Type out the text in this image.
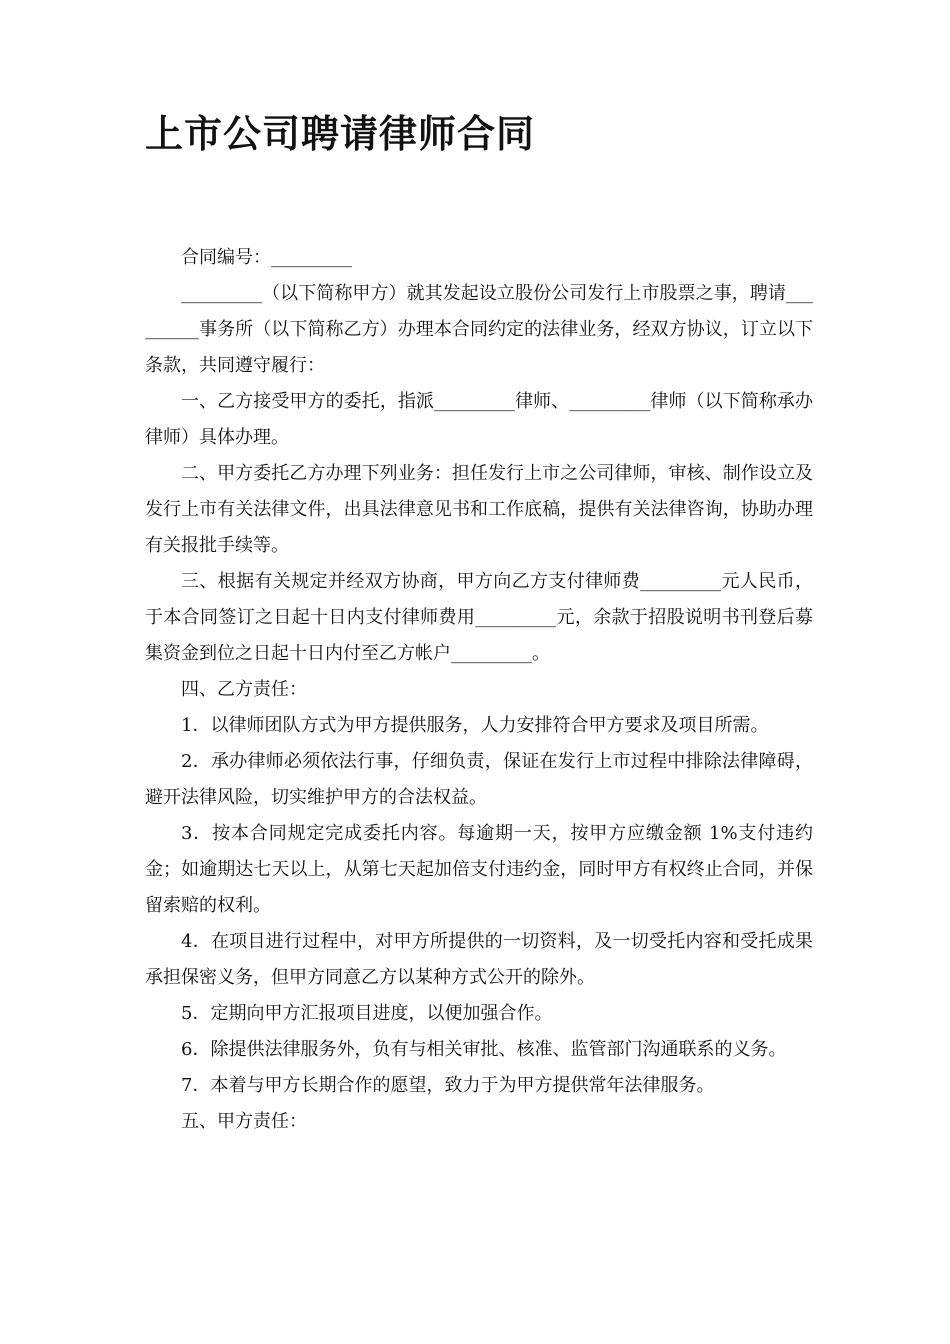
上市公司聘请律师合同

合同编号：_________

_________（以下简称甲方）就其发起设立股份公司发行上市股票之事，聘请_________事务所（以下简称乙方）办理本合同约定的法律业务，经双方协议，订立以下条款，共同遵守履行：

一、乙方接受甲方的委托，指派_________律师、_________律师（以下简称承办律师）具体办理。

二、甲方委托乙方办理下列业务：担任发行上市之公司律师，审核、制作设立及发行上市有关法律文件，出具法律意见书和工作底稿，提供有关法律咨询，协助办理有关报批手续等。

三、根据有关规定并经双方协商，甲方向乙方支付律师费_________元人民币，于本合同签订之日起十日内支付律师费用_________元，余款于招股说明书刊登后募集资金到位之日起十日内付至乙方帐户_________。

四、乙方责任：

1．以律师团队方式为甲方提供服务，人力安排符合甲方要求及项目所需。

2．承办律师必须依法行事，仔细负责，保证在发行上市过程中排除法律障碍，避开法律风险，切实维护甲方的合法权益。

3．按本合同规定完成委托内容。每逾期一天，按甲方应缴金额 1%支付违约金；如逾期达七天以上，从第七天起加倍支付违约金，同时甲方有权终止合同，并保留索赔的权利。

4．在项目进行过程中，对甲方所提供的一切资料，及一切受托内容和受托成果承担保密义务，但甲方同意乙方以某种方式公开的除外。

5．定期向甲方汇报项目进度，以便加强合作。

6．除提供法律服务外，负有与相关审批、核准、监管部门沟通联系的义务。

7．本着与甲方长期合作的愿望，致力于为甲方提供常年法律服务。

五、甲方责任：
